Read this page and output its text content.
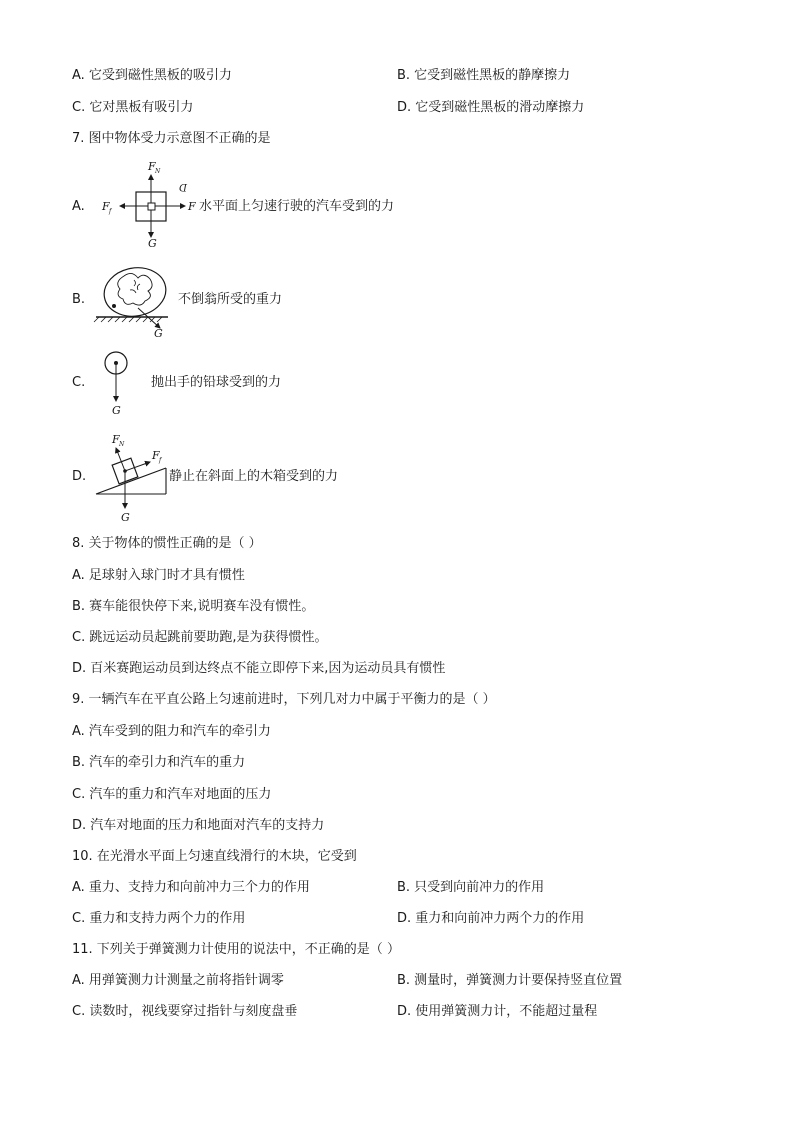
A. 它受到磁性黑板的吸引力	B. 它受到磁性黑板的静摩擦力
C. 它对黑板有吸引力	D. 它受到磁性黑板的滑动摩擦力
7. 图中物体受力示意图不正确的是
A.
F N
F f	F
G
D
水平面上匀速行驶的汽车受到的力
B.
G
不倒翁所受的重力
C.
G
抛出手的铅球受到的力
D.
F N
F f
G
静止在斜面上的木箱受到的力
8. 关于物体的惯性正确的是（ ）
A. 足球射入球门时才具有惯性
B. 赛车能很快停下来,说明赛车没有惯性。
C. 跳远运动员起跳前要助跑,是为获得惯性。
D. 百米赛跑运动员到达终点不能立即停下来,因为运动员具有惯性
9. 一辆汽车在平直公路上匀速前进时，下列几对力中属于平衡力的是（ ）
A. 汽车受到的阻力和汽车的牵引力
B. 汽车的牵引力和汽车的重力
C. 汽车的重力和汽车对地面的压力
D. 汽车对地面的压力和地面对汽车的支持力
10. 在光滑水平面上匀速直线滑行的木块，它受到
A. 重力、支持力和向前冲力三个力的作用	B. 只受到向前冲力的作用
C. 重力和支持力两个力的作用	D. 重力和向前冲力两个力的作用
11. 下列关于弹簧测力计使用的说法中，不正确的是（ ）
A. 用弹簧测力计测量之前将指针调零	B. 测量时，弹簧测力计要保持竖直位置
C. 读数时，视线要穿过指针与刻度盘垂	D. 使用弹簧测力计，不能超过量程
